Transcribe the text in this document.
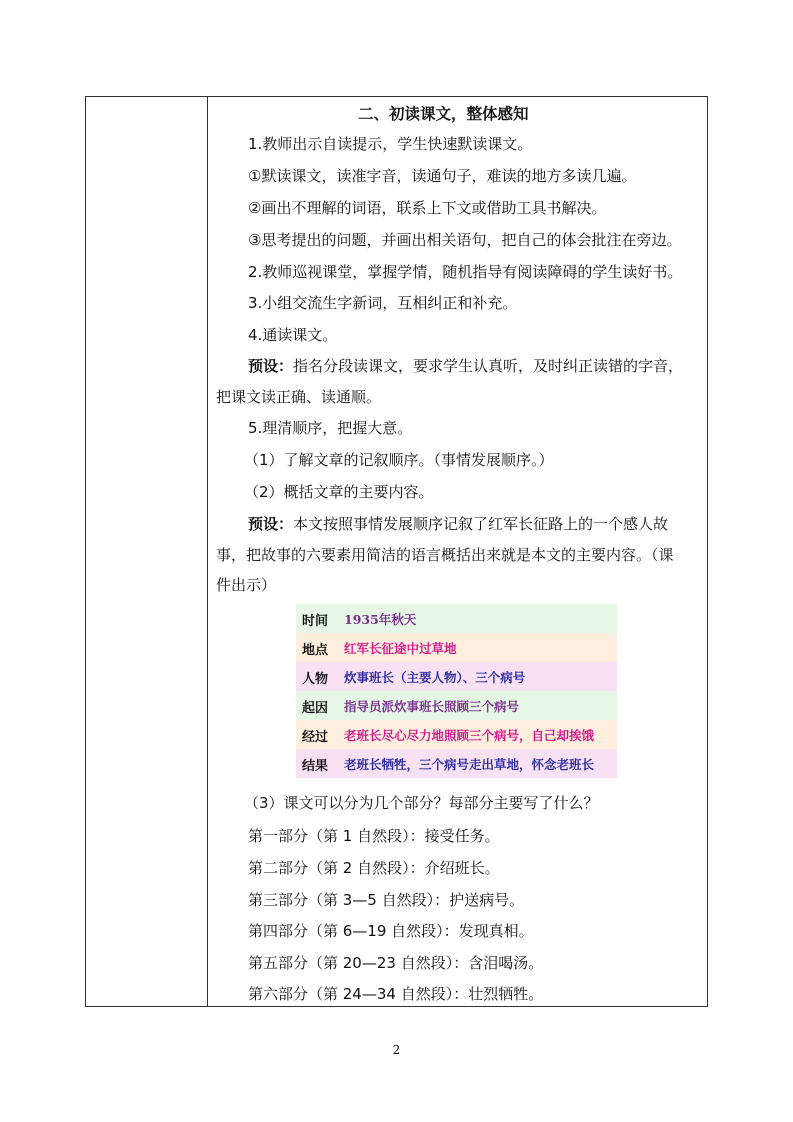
二、初读课文，整体感知
1.教师出示自读提示，学生快速默读课文。
①默读课文，读准字音，读通句子，难读的地方多读几遍。
②画出不理解的词语，联系上下文或借助工具书解决。
③思考提出的问题，并画出相关语句，把自己的体会批注在旁边。
2.教师巡视课堂，掌握学情，随机指导有阅读障碍的学生读好书。
3.小组交流生字新词，互相纠正和补充。
4.通读课文。
预设：指名分段读课文，要求学生认真听，及时纠正读错的字音，
把课文读正确、读通顺。
5.理清顺序，把握大意。
（1）了解文章的记叙顺序。（事情发展顺序。）
（2）概括文章的主要内容。
预设：本文按照事情发展顺序记叙了红军长征路上的一个感人故
事，把故事的六要素用简洁的语言概括出来就是本文的主要内容。（课
件出示）
时间 1935年秋天
地点 红军长征途中过草地
人物 炊事班长（主要人物）、三个病号
起因 指导员派炊事班长照顾三个病号
经过 老班长尽心尽力地照顾三个病号，自己却挨饿
结果 老班长牺牲，三个病号走出草地，怀念老班长
（3）课文可以分为几个部分？每部分主要写了什么？
第一部分（第 1 自然段）：接受任务。
第二部分（第 2 自然段）：介绍班长。
第三部分（第 3—5 自然段）：护送病号。
第四部分（第 6—19 自然段）：发现真相。
第五部分（第 20—23 自然段）：含泪喝汤。
第六部分（第 24—34 自然段）：壮烈牺牲。
2
